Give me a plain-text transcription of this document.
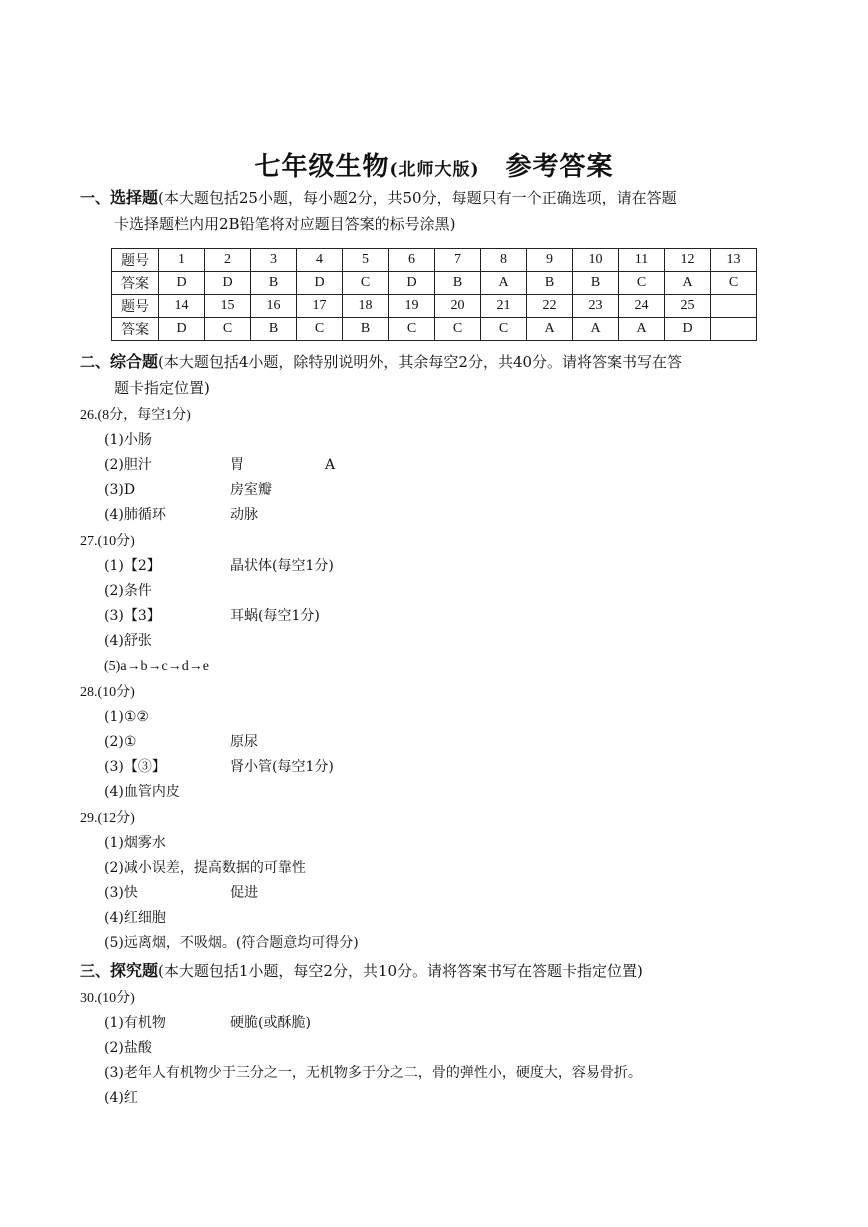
七年级生物(北师大版) 参考答案
一、选择题(本大题包括25小题，每小题2分，共50分，每题只有一个正确选项，请在答题
卡选择题栏内用2B铅笔将对应题目答案的标号涂黑)
题号	1	2	3	4	5	6	7	8	9	10	11	12	13
答案	D	D	B	D	C	D	B	A	B	B	C	A	C
题号	14	15	16	17	18	19	20	21	22	23	24	25	
答案	D	C	B	C	B	C	C	C	A	A	A	D	
二、综合题(本大题包括4小题，除特别说明外，其余每空2分，共40分。请将答案书写在答
题卡指定位置)
26.(8分，每空1分)
(1)小肠
(2)胆汁	胃	A
(3)D	房室瓣
(4)肺循环	动脉
27.(10分)
(1)【2】	晶状体(每空1分)
(2)条件
(3)【3】	耳蜗(每空1分)
(4)舒张
(5)a→b→c→d→e
28.(10分)
(1)①②
(2)①	原尿
(3)【③】	肾小管(每空1分)
(4)血管内皮
29.(12分)
(1)烟雾水
(2)减小误差，提高数据的可靠性
(3)快	促进
(4)红细胞
(5)远离烟，不吸烟。(符合题意均可得分)
三、探究题(本大题包括1小题，每空2分，共10分。请将答案书写在答题卡指定位置)
30.(10分)
(1)有机物	硬脆(或酥脆)
(2)盐酸
(3)老年人有机物少于三分之一，无机物多于分之二，骨的弹性小，硬度大，容易骨折。
(4)红
